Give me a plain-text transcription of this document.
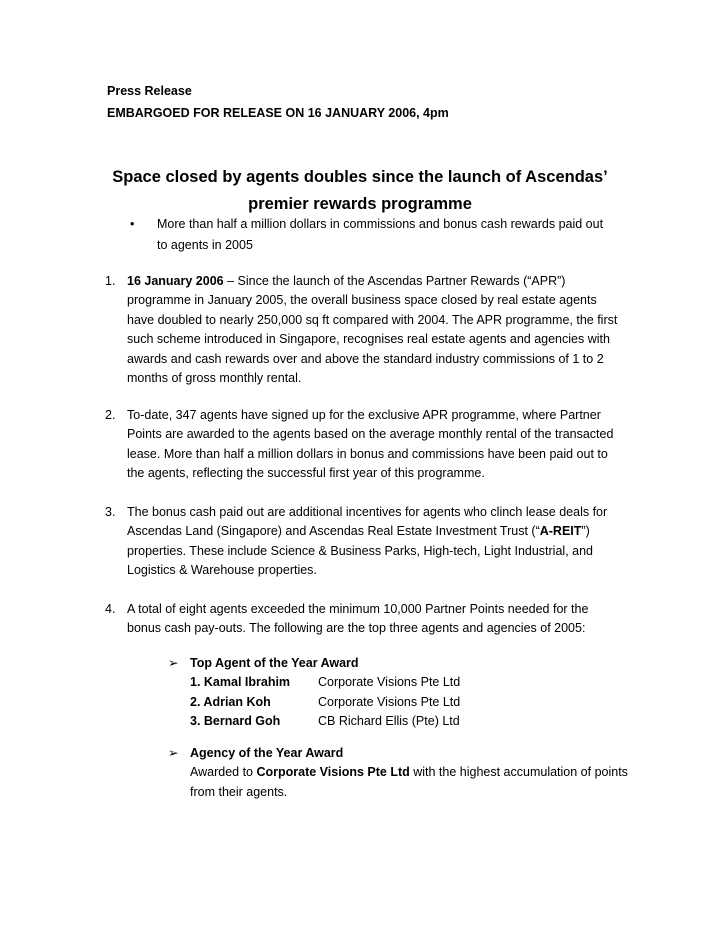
Press Release
EMBARGOED FOR RELEASE ON 16 JANUARY 2006, 4pm
Space closed by agents doubles since the launch of Ascendas’
premier rewards programme
• More than half a million dollars in commissions and bonus cash rewards paid out to agents in 2005
1. 16 January 2006 – Since the launch of the Ascendas Partner Rewards (“APR”) programme in January 2005, the overall business space closed by real estate agents have doubled to nearly 250,000 sq ft compared with 2004. The APR programme, the first such scheme introduced in Singapore, recognises real estate agents and agencies with awards and cash rewards over and above the standard industry commissions of 1 to 2 months of gross monthly rental.
2. To-date, 347 agents have signed up for the exclusive APR programme, where Partner Points are awarded to the agents based on the average monthly rental of the transacted lease. More than half a million dollars in bonus and commissions have been paid out to the agents, reflecting the successful first year of this programme.
3. The bonus cash paid out are additional incentives for agents who clinch lease deals for Ascendas Land (Singapore) and Ascendas Real Estate Investment Trust (“A-REIT”) properties. These include Science & Business Parks, High-tech, Light Industrial, and Logistics & Warehouse properties.
4. A total of eight agents exceeded the minimum 10,000 Partner Points needed for the bonus cash pay-outs. The following are the top three agents and agencies of 2005:
➢ Top Agent of the Year Award
1. Kamal Ibrahim	Corporate Visions Pte Ltd
2. Adrian Koh	Corporate Visions Pte Ltd
3. Bernard Goh	CB Richard Ellis (Pte) Ltd
➢ Agency of the Year Award
Awarded to Corporate Visions Pte Ltd with the highest accumulation of points from their agents.
